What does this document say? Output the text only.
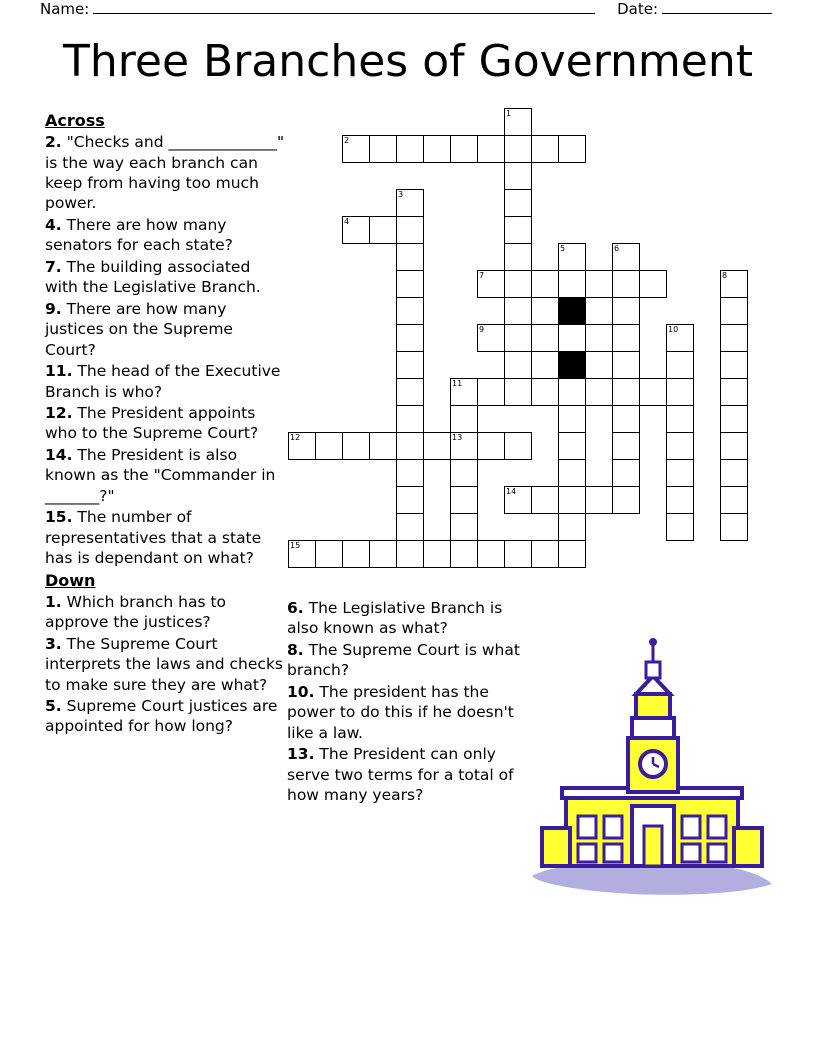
Name:	Date:
Three Branches of Government
Across
2. "Checks and ______________" is the way each branch can keep from having too much power.
4. There are how many senators for each state?
7. The building associated with the Legislative Branch.
9. There are how many justices on the Supreme Court?
11. The head of the Executive Branch is who?
12. The President appoints who to the Supreme Court?
14. The President is also known as the "Commander in _______?"
15. The number of representatives that a state has is dependant on what?
Down
1. Which branch has to approve the justices?
3. The Supreme Court interprets the laws and checks to make sure they are what?
5. Supreme Court justices are appointed for how long?
6. The Legislative Branch is also known as what?
8. The Supreme Court is what branch?
10. The president has the power to do this if he doesn't like a law.
13. The President can only serve two terms for a total of how many years?
1
2
3
4
5	6
7	8
9	10
11
12	13
14
15
